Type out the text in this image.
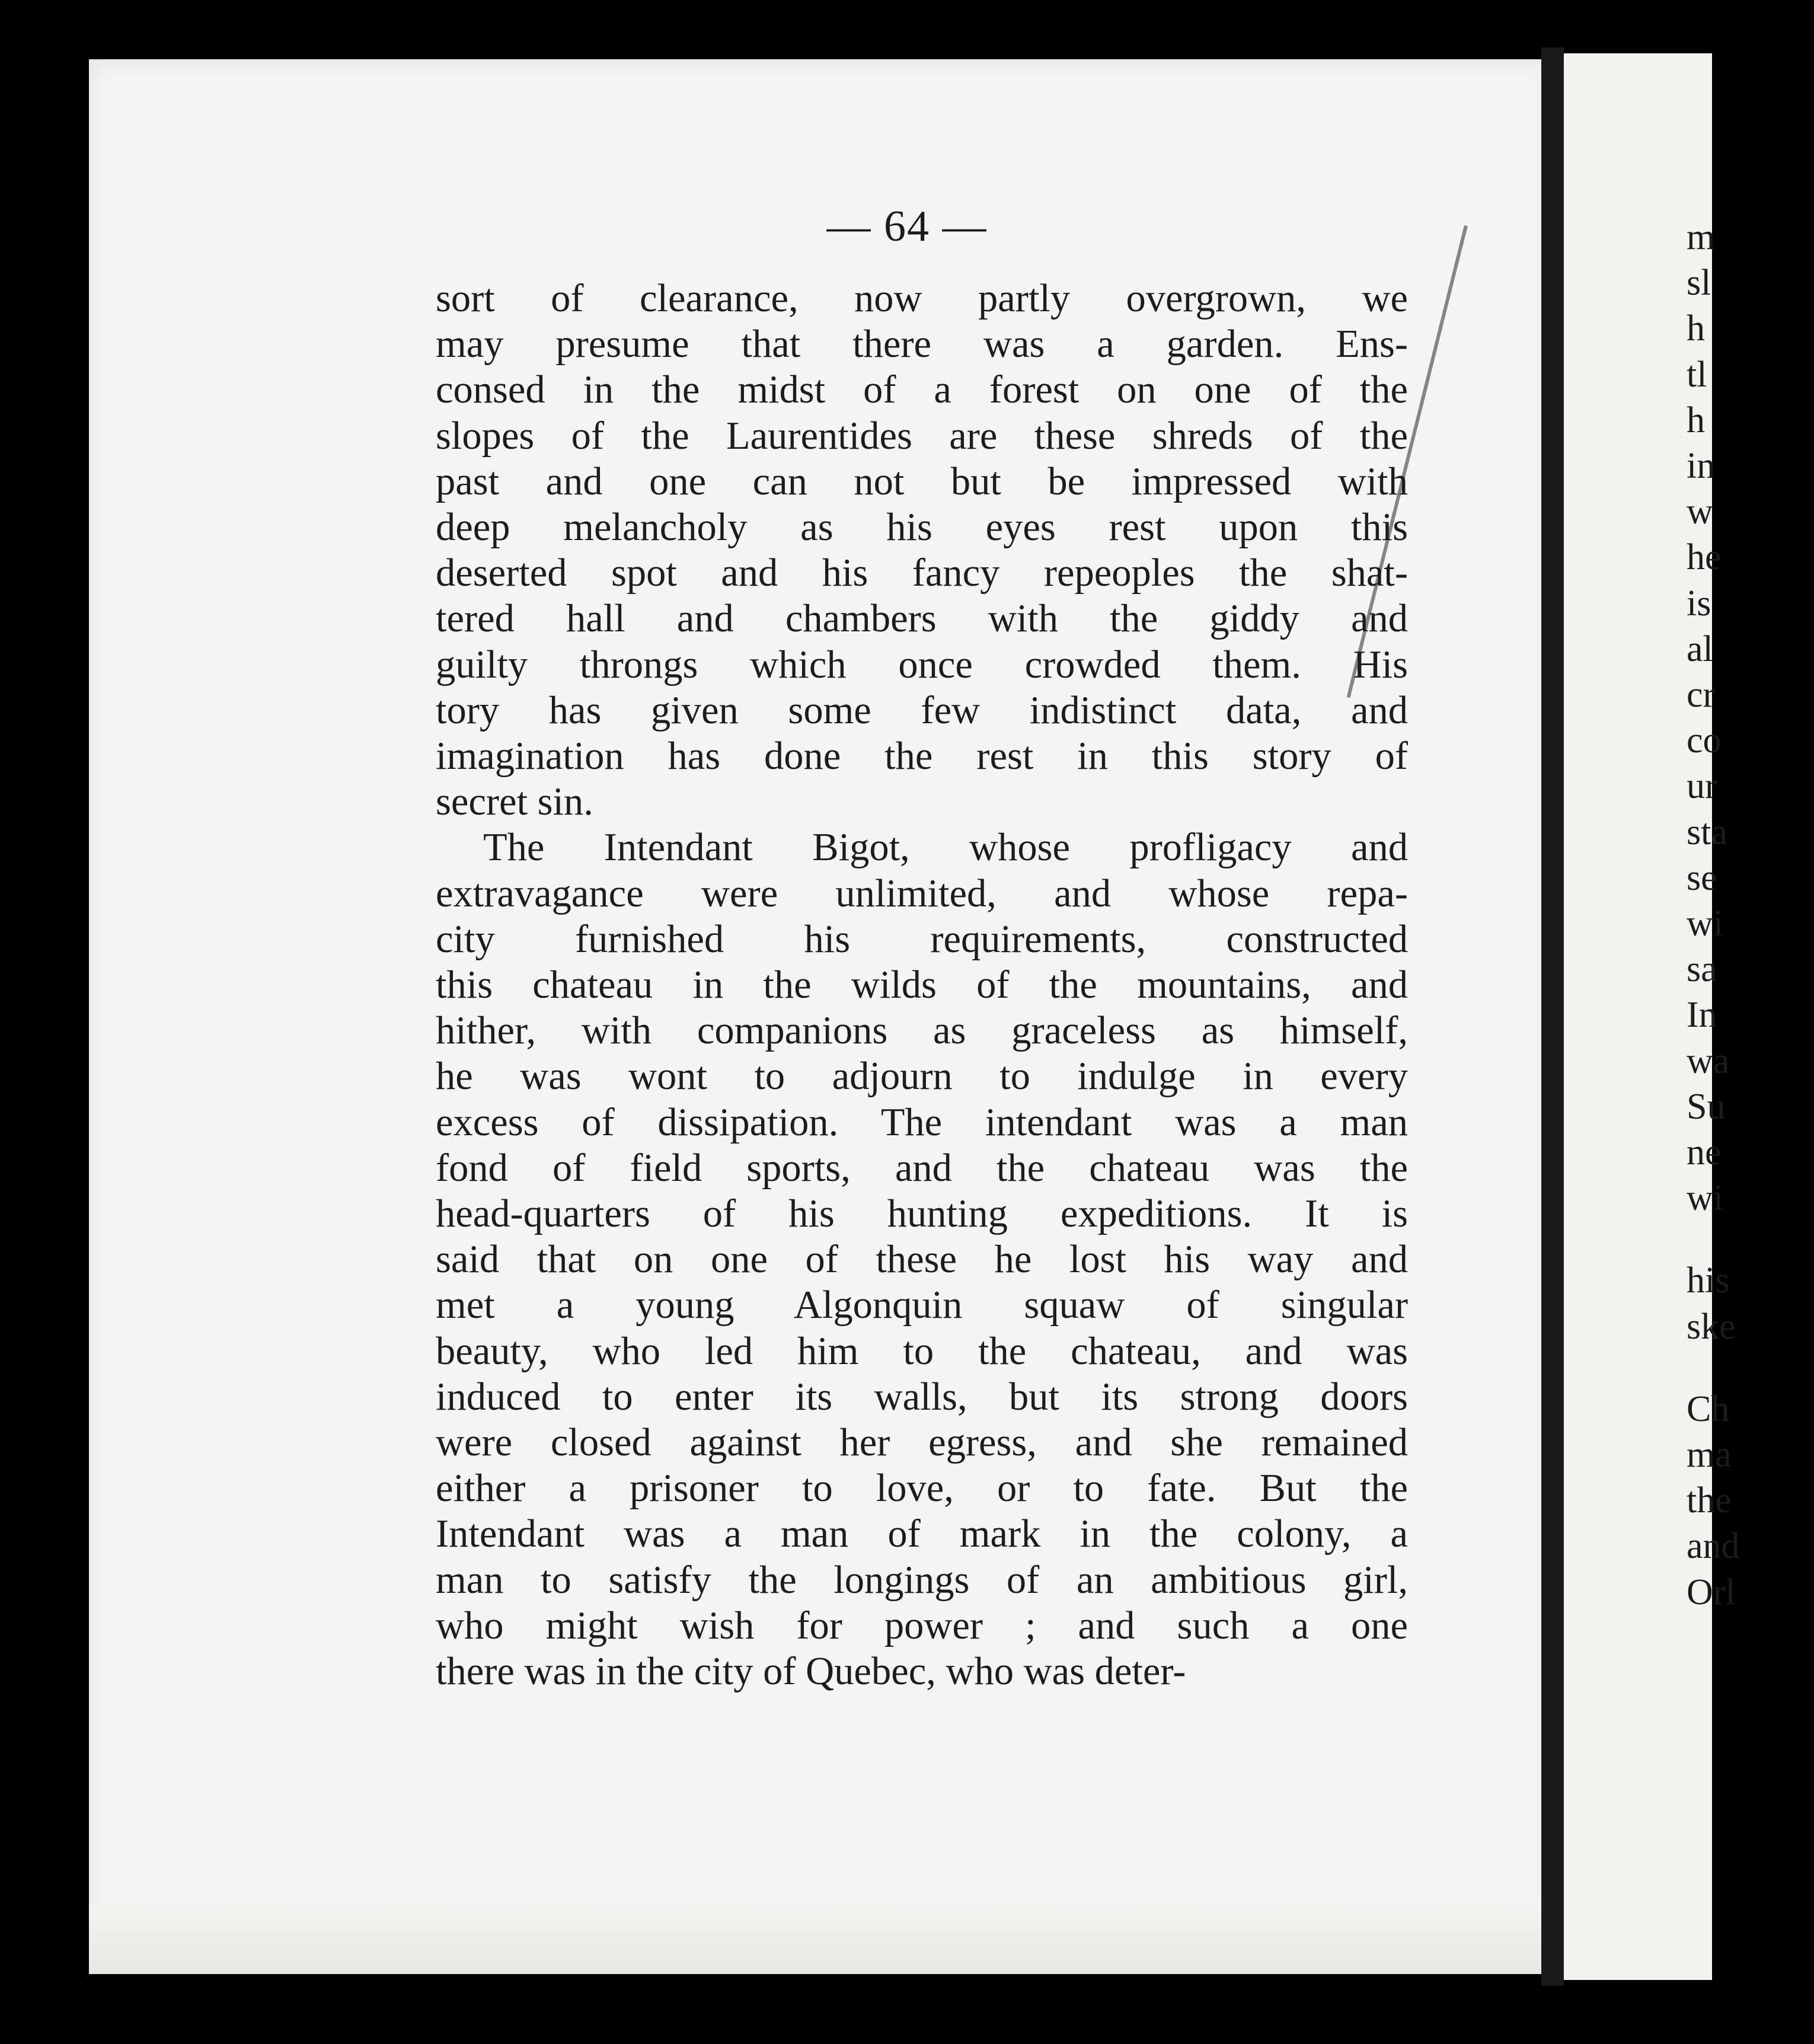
— 64 —
sort of clearance, now partly overgrown, we
may presume that there was a garden. Ens-
consed in the midst of a forest on one of the
slopes of the Laurentides are these shreds of the
past and one can not but be impressed with
deep melancholy as his eyes rest upon this
deserted spot and his fancy repeoples the shat-
tered hall and chambers with the giddy and
guilty throngs which once crowded them. His
tory has given some few indistinct data, and
imagination has done the rest in this story of
secret sin.
The Intendant Bigot, whose profligacy and
extravagance were unlimited, and whose repa-
city furnished his requirements, constructed
this chateau in the wilds of the mountains, and
hither, with companions as graceless as himself,
he was wont to adjourn to indulge in every
excess of dissipation. The intendant was a man
fond of field sports, and the chateau was the
head-quarters of his hunting expeditions. It is
said that on one of these he lost his way and
met a young Algonquin squaw of singular
beauty, who led him to the chateau, and was
induced to enter its walls, but its strong doors
were closed against her egress, and she remained
either a prisoner to love, or to fate. But the
Intendant was a man of mark in the colony, a
man to satisfy the longings of an ambitious girl,
who might wish for power ; and such a one
there was in the city of Quebec, who was deter-
m
sl
h
tl
h
in
w
he
is
al
cr
co
ur
sta
se
wi
sa
In
wa
Su
ne
wi
his
ske
Ch
ma
the
and
Orl
